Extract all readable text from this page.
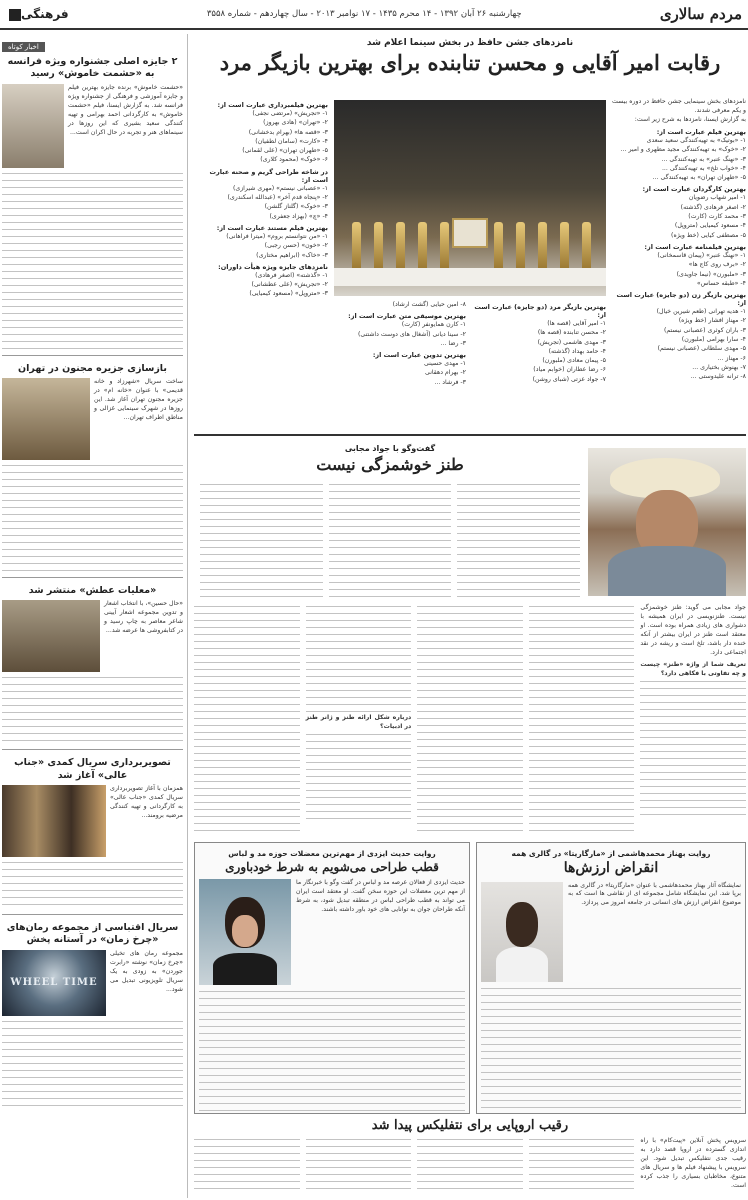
مردم سالاری
چهارشنبه ۲۶ آبان ۱۳۹۲ - ۱۴ محرم ۱۴۳۵ - ۱۷ نوامبر ۲۰۱۳ - سال چهاردهم - شماره ۳۵۵۸
فرهنگی
اخبار کوتاه
۲ جایزه اصلی جشنواره ویژه فرانسه به «حشمت خاموش» رسید
«حشمت خاموش» برنده جایزه بهترین فیلم و جایزه آموزشی و فرهنگی از جشنواره ویژه فرانسه شد. به گزارش ایسنا، فیلم «حشمت خاموش» به کارگردانی احمد بهرامی و تهیه کنندگی سعید بشیری که این روزها در سینماهای هنر و تجربه در حال اکران است...
بازسازی جزیره مجنون در تهران
ساخت سریال «شهرزاد و خانه قدیمی» با عنوان «خانه ام» در جزیره مجنون تهران آغاز شد. این روزها در شهرک سینمایی غزالی و مناطق اطراف تهران...
«معلیات عطش» منتشر شد
«حال حسین»، با انتخاب اشعار و تدوین مجموعه اشعار آیینی شاعر معاصر به چاپ رسید و در کتابفروشی ها عرضه شد...
تصویربرداری سریال کمدی «جناب عالی» آغاز شد
همزمان با آغاز تصویربرداری سریال کمدی «جناب عالی» به کارگردانی و تهیه کنندگی مرضیه برومند...
سریال اقتباسی از مجموعه رمان‌های «چرخ زمان» در آستانه پخش
مجموعه رمان های تخیلی «چرخ زمان» نوشته «رابرت جوردن» به زودی به یک سریال تلویزیونی تبدیل می شود...
WHEEL TIME
نامزدهای جشن حافظ در بخش سینما اعلام شد
رقابت امیر آقایی و محسن تنابنده برای بهترین بازیگر مرد
نامزدهای بخش سینمایی جشن حافظ در دوره بیست و یکم معرفی شدند.
به گزارش ایسنا، نامزدها به شرح زیر است:
بهترین فیلم عبارت است از:
۱- «بوتیک» به تهیه‌کنندگی سعید سعدی
۲- «خوک» به تهیه‌کنندگی مجید مطهری و امیر ...
۳- «نهنگ عنبر» به تهیه‌کنندگی ...
۴- «خواب تلخ» به تهیه‌کنندگی ...
۵- «طهران تهران» به تهیه‌کنندگی ...
بهترین کارگردان عبارت است از:
۱- امیر شهاب رضویان
۲- اصغر فرهادی (گذشته)
۳- محمد کارت (کارت)
۴- مسعود کیمیایی (متروپل)
۵- مصطفی کیایی (خط ویژه)
بهترین فیلمنامه عبارت است از:
۱- «نهنگ عنبر» (پیمان قاسمخانی)
۲- «برف روی کاج ها»
۳- «ملبورن» (نیما جاویدی)
۴- «طبقه حساس»
بهترین بازیگر زن (دو جایزه) عبارت است از:
۱- هدیه تهرانی (طعم شیرین خیال)
۲- مهناز افشار (خط ویژه)
۳- باران کوثری (عصبانی نیستم)
۴- سارا بهرامی (ملبورن)
۵- مهدی سلطانی (عصبانی نیستم)
۶- مهناز ...
۷- بهنوش بختیاری ...
۸- ترانه علیدوستی ...
بهترین فیلمبرداری عبارت است از:
۱- «تجریش» (مرتضی نجفی)
۲- «تهران» (هادی بهروز)
۳- «قصه ها» (بهرام بدخشانی)
۴- «کارت» (سامان لطفیان)
۵- «طهران تهران» (علی لقمانی)
۶- «خوک» (محمود کلاری)
در شاخه طراحی گریم و صحنه عبارت است از:
۱- «عصبانی نیستم» (مهری شیرازی)
۲- «پنجاه قدم آخر» (عبدالله اسکندری)
۳- «خوک» (گلناز گلشن)
۴- «چ» (بهزاد جعفری)
بهترین فیلم مستند عبارت است از:
۱- «من نتوانستم بروم» (میترا فراهانی)
۲- «خون» (حسن رجبی)
۳- «خاک» (ابراهیم مختاری)
نامزدهای جایزه ویژه هیأت داوران:
۱- «گذشته» (اصغر فرهادی)
۲- «تجریش» (علی عطشانی)
۳- «متروپل» (مسعود کیمیایی)
بهترین بازیگر مرد (دو جایزه) عبارت است از:
۱- امیر آقایی (قصه ها)
۲- محسن تنابنده (قصه ها)
۳- مهدی هاشمی (تجریش)
۴- حامد بهداد (گذشته)
۵- پیمان معادی (ملبورن)
۶- رضا عطاران (خوابم میاد)
۷- جواد عزتی (شبای روشن)
۸- امین حیایی (گشت ارشاد)
بهترین موسیقی متن عبارت است از:
۱- کارن همایونفر (کارت)
۲- سینا دیانی (آشغال های دوست داشتنی)
۳- رضا ...
بهترین تدوین عبارت است از:
۱- مهدی حسینی
۲- بهرام دهقانی
۳- فرشاد ...
گفت‌وگو با جواد مجابی
طنز خوشمزگی نیست
جواد مجابی می گوید: طنز خوشمزگی نیست. طنزنویسی در ایران همیشه با دشواری های زیادی همراه بوده است. او معتقد است طنز در ایران بیشتر از آنکه خنده دار باشد، تلخ است و ریشه در نقد اجتماعی دارد.
تعریف شما از واژه «طنز» چیست و چه تفاوتی با فکاهی دارد؟
درباره شکل ارائه طنز و ژانر طنز در ادبیات؟
روایت بهناز محمدهاشمی از «مارگاریتا» در گالری همه
انقراض ارزش‌ها
نمایشگاه آثار بهناز محمدهاشمی با عنوان «مارگاریتا» در گالری همه برپا شد. این نمایشگاه شامل مجموعه ای از نقاشی ها است که به موضوع انقراض ارزش های انسانی در جامعه امروز می پردازد.
روایت حدیث ایزدی از مهم‌ترین معضلات حوزه مد و لباس
قطب طراحی می‌شویم به شرط خودباوری
حدیث ایزدی از فعالان عرصه مد و لباس در گفت وگو با خبرنگار ما از مهم ترین معضلات این حوزه سخن گفت. او معتقد است ایران می تواند به قطب طراحی لباس در منطقه تبدیل شود، به شرط آنکه طراحان جوان به توانایی های خود باور داشته باشند.
رقیب اروپایی برای نتفلیکس پیدا شد
سرویس پخش آنلاین «پیت‌کام» با راه اندازی گسترده در اروپا قصد دارد به رقیب جدی نتفلیکس تبدیل شود. این سرویس با پیشنهاد فیلم ها و سریال های متنوع، مخاطبان بسیاری را جذب کرده است.
